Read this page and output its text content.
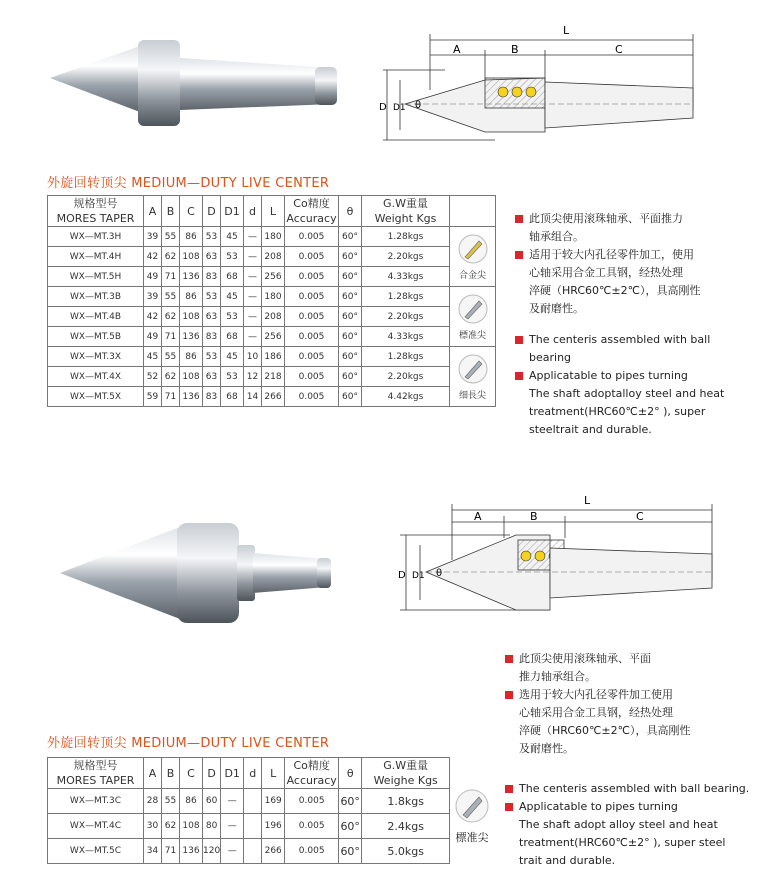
L
A	B	C
D D1 θ
外旋回转顶尖 MEDIUM—DUTY LIVE CENTER
规格型号
MORES TAPER	A	B	C	D	D1	d	L	Co精度
Accuracy	θ	G.W重量
Weight Kgs	
WX—MT.3H	39	55	86	53	45	—	180	0.005	60°	1.28kgs	合金尖

WX—MT.4H	42	62	108	63	53	—	208	0.005	60°	2.20kgs	
WX—MT.5H	49	71	136	83	68	—	256	0.005	60°	4.33kgs	
WX—MT.3B	39	55	86	53	45	—	180	0.005	60°	1.28kgs	標准尖

WX—MT.4B	42	62	108	63	53	—	208	0.005	60°	2.20kgs	
WX—MT.5B	49	71	136	83	68	—	256	0.005	60°	4.33kgs	
WX—MT.3X	45	55	86	53	45	10	186	0.005	60°	1.28kgs	细長尖

WX—MT.4X	52	62	108	63	53	12	218	0.005	60°	2.20kgs	
WX—MT.5X	59	71	136	83	68	14	266	0.005	60°	4.42kgs	
此顶尖使用滚珠轴承、平面推力
轴承组合。
适用于较大内孔径零件加工，使用
心轴采用合金工具钢，经热处理
淬硬（HRC60℃±2℃），具高刚性
及耐磨性。
The centeris assembled with ball
bearing
Applicatable to pipes turning
The shaft adoptalloy steel and heat
treatment(HRC60℃±2° ), super
steeltrait and durable.
L
A	B	C
D D1 θ
此顶尖使用滚珠轴承、平面
推力轴承组合。
选用于较大内孔径零件加工使用
心轴采用合金工具钢，经热处理
淬硬（HRC60℃±2℃），具高刚性
及耐磨性。
外旋回转顶尖 MEDIUM—DUTY LIVE CENTER
规格型号
MORES TAPER	A	B	C	D	D1	d	L	Co精度
Accuracy	θ	G.W重量
Weighe Kgs
WX—MT.3C	28	55	86	60	—		169	0.005	60°	1.8kgs
WX—MT.4C	30	62	108	80	—		196	0.005	60°	2.4kgs
WX—MT.5C	34	71	136	120	—		266	0.005	60°	5.0kgs
標准尖
The centeris assembled with ball bearing.
Applicatable to pipes turning
The shaft adopt alloy steel and heat
treatment(HRC60℃±2° ), super steel
trait and durable.
